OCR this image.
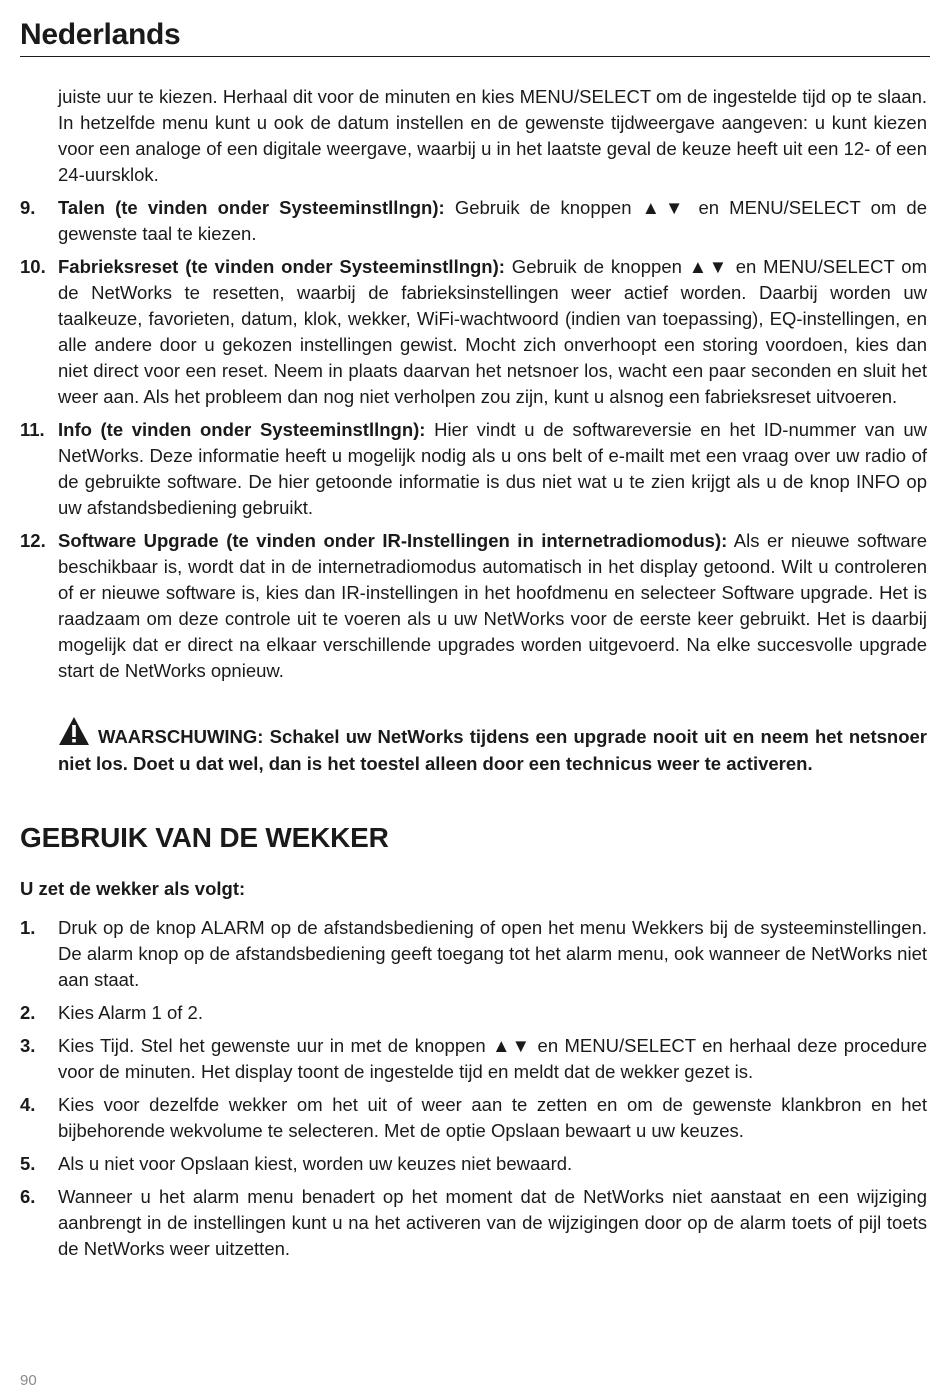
Nederlands

juiste uur te kiezen. Herhaal dit voor de minuten en kies MENU/SELECT om de ingestelde tijd op te slaan. In hetzelfde menu kunt u ook de datum instellen en de gewenste tijdweergave aangeven: u kunt kiezen voor een analoge of een digitale weergave, waarbij u in het laatste geval de keuze heeft uit een 12- of een 24-uursklok.

9.	Talen (te vinden onder Systeeminstllngn): Gebruik de knoppen ▲▼ en MENU/SELECT om de gewenste taal te kiezen.
10. Fabrieksreset (te vinden onder Systeeminstllngn): Gebruik de knoppen ▲▼ en MENU/SELECT om de NetWorks te resetten, waarbij de fabrieksinstellingen weer actief worden. Daarbij worden uw taalkeuze, favorieten, datum, klok, wekker, WiFi-wachtwoord (indien van toepassing), EQ-instellingen, en alle andere door u gekozen instellingen gewist. Mocht zich onverhoopt een storing voordoen, kies dan niet direct voor een reset. Neem in plaats daarvan het netsnoer los, wacht een paar seconden en sluit het weer aan. Als het probleem dan nog niet verholpen zou zijn, kunt u alsnog een fabrieksreset uitvoeren.
11. Info (te vinden onder Systeeminstllngn): Hier vindt u de softwareversie en het ID-nummer van uw NetWorks. Deze informatie heeft u mogelijk nodig als u ons belt of e-mailt met een vraag over uw radio of de gebruikte software. De hier getoonde informatie is dus niet wat u te zien krijgt als u de knop INFO op uw afstandsbediening gebruikt.
12. Software Upgrade (te vinden onder IR-Instellingen in internetradiomodus): Als er nieuwe software beschikbaar is, wordt dat in de internetradiomodus automatisch in het display getoond. Wilt u controleren of er nieuwe software is, kies dan IR-instellingen in het hoofdmenu en selecteer Software upgrade. Het is raadzaam om deze controle uit te voeren als u uw NetWorks voor de eerste keer gebruikt. Het is daarbij mogelijk dat er direct na elkaar verschillende upgrades worden uitgevoerd. Na elke succesvolle upgrade start de NetWorks opnieuw.
WAARSCHUWING: Schakel uw NetWorks tijdens een upgrade nooit uit en neem het netsnoer niet los. Doet u dat wel, dan is het toestel alleen door een technicus weer te activeren.
GEBRUIK VAN DE WEKKER
U zet de wekker als volgt:
1.	Druk op de knop ALARM op de afstandsbediening of open het menu Wekkers bij de systeeminstellingen. De alarm knop op de afstandsbediening geeft toegang tot het alarm menu, ook wanneer de NetWorks niet aan staat.
2.	Kies Alarm 1 of 2.
3.	Kies Tijd. Stel het gewenste uur in met de knoppen ▲▼ en MENU/SELECT en herhaal deze procedure voor de minuten. Het display toont de ingestelde tijd en meldt dat de wekker gezet is.
4.	Kies voor dezelfde wekker om het uit of weer aan te zetten en om de gewenste klankbron en het bijbehorende wekvolume te selecteren. Met de optie Opslaan bewaart u uw keuzes.
5.	Als u niet voor Opslaan kiest, worden uw keuzes niet bewaard.
6.	Wanneer u het alarm menu benadert op het moment dat de NetWorks niet aanstaat en een wijziging aanbrengt in de instellingen kunt u na het activeren van de wijzigingen door op de alarm toets of pijl toets de NetWorks weer uitzetten.
90
